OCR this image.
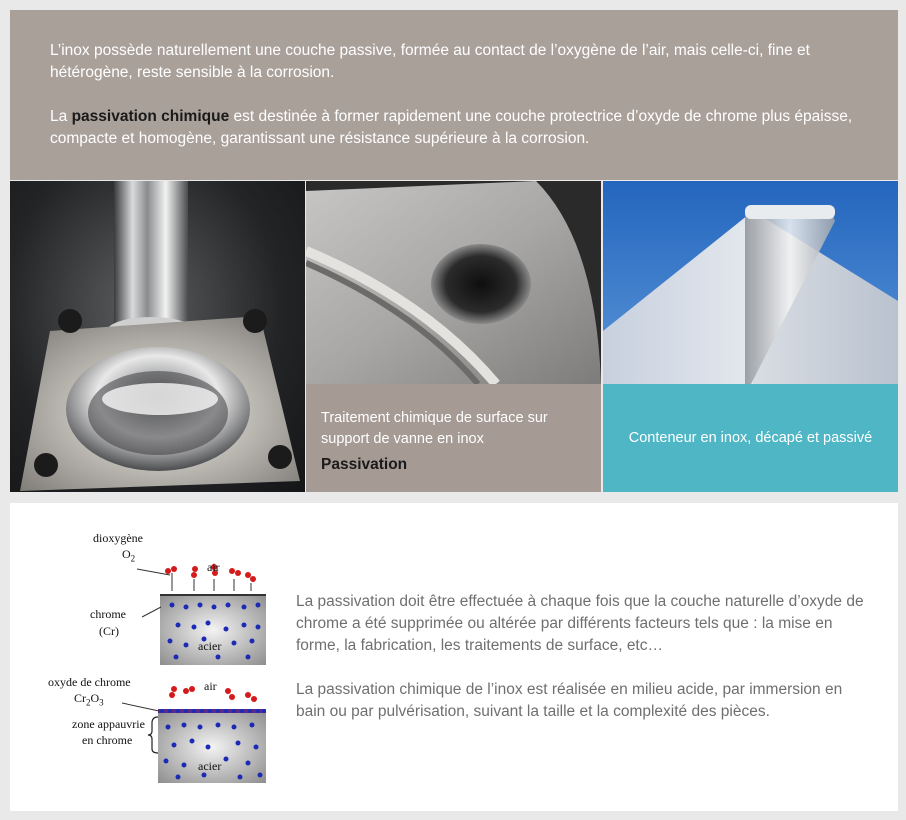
L’inox possède naturellement une couche passive, formée au contact de l’oxygène de l’air, mais celle-ci, fine et hétérogène, reste sensible à la corrosion.

La passivation chimique est destinée à former rapidement une couche protectrice d’oxyde de chrome plus épaisse, compacte et homogène, garantissant une résistance supérieure à la corrosion.

Traitement chimique de surface sur support de vanne en inox
Passivation
Conteneur en inox, décapé et passivé
dioxygène
$O_2$
air
chrome
(Cr)
acier
oxyde de chrome
$Cr_2O_3$
air
zone appauvrie
en chrome
acier

La passivation doit être effectuée à chaque fois que la couche naturelle d’oxyde de chrome a été supprimée ou altérée par différents facteurs tels que : la mise en forme, la fabrication, les traitements de surface, etc…

La passivation chimique de l’inox est réalisée en milieu acide, par immersion en bain ou par pulvérisation, suivant la taille et la complexité des pièces.
